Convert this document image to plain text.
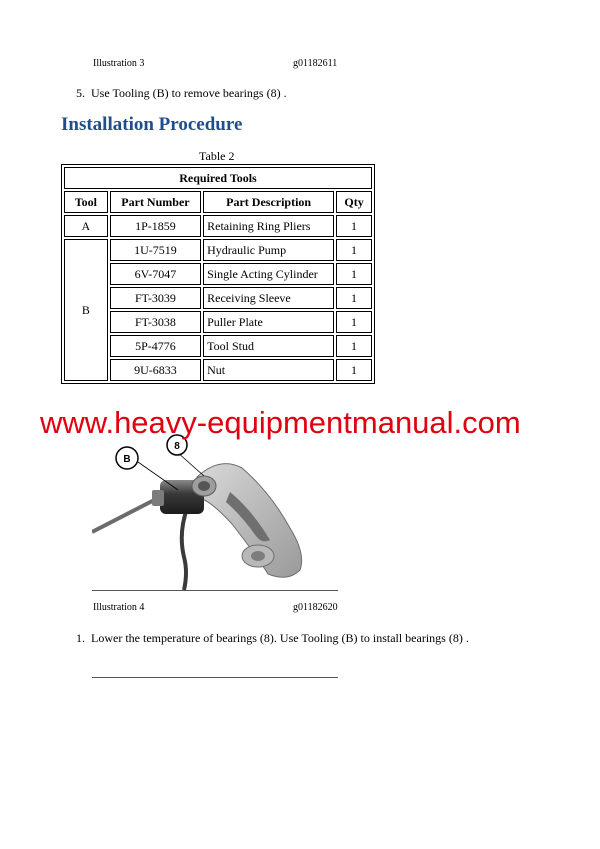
Illustration 3	g01182611
5. Use Tooling (B) to remove bearings (8) .
Installation Procedure
Table 2
Required Tools			
Tool	Part Number	Part Description	Qty
A	1P-1859	Retaining Ring Pliers	1
B	1U-7519	Hydraulic Pump	1
	6V-7047	Single Acting Cylinder	1
	FT-3039	Receiving Sleeve	1
	FT-3038	Puller Plate	1
	5P-4776	Tool Stud	1
	9U-6833	Nut	1
B
8
www.heavy-equipmentmanual.com
Illustration 4	g01182620
1. Lower the temperature of bearings (8). Use Tooling (B) to install bearings (8) .
